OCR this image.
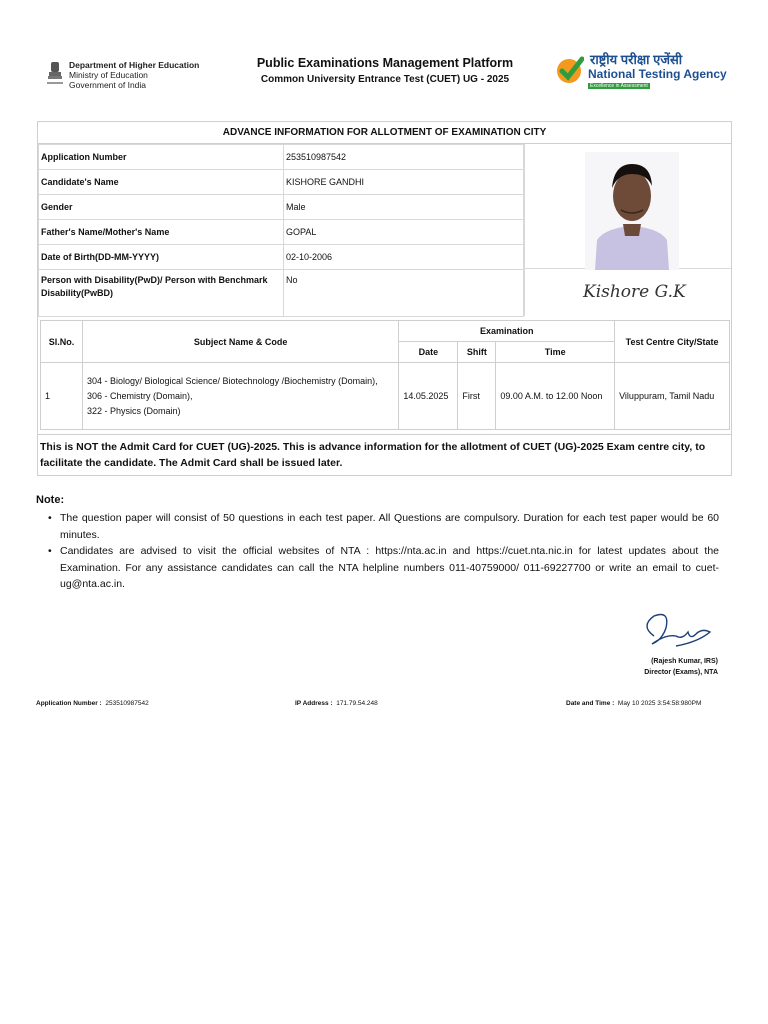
Department of Higher Education
Ministry of Education
Government of India
Public Examinations Management Platform
Common University Entrance Test (CUET) UG - 2025
राष्ट्रीय परीक्षा एजेंसी
National Testing Agency
Excellence in Assessment
ADVANCE INFORMATION FOR ALLOTMENT OF EXAMINATION CITY
Application Number	253510987542
Candidate's Name	KISHORE GANDHI
Gender	Male
Father's Name/Mother's Name	GOPAL
Date of Birth(DD-MM-YYYY)	02-10-2006
Person with Disability(PwD)/ Person with Benchmark Disability(PwBD)	No
Kishore G.K
Sl.No.	Subject Name & Code	Examination			Test Centre City/State
		Date	Shift	Time	
1	304 - Biology/ Biological Science/ Biotechnology /Biochemistry (Domain),
306 - Chemistry (Domain),
322 - Physics (Domain)	14.05.2025	First	09.00 A.M. to 12.00 Noon	Viluppuram, Tamil Nadu
This is NOT the Admit Card for CUET (UG)-2025. This is advance information for the allotment of CUET (UG)-2025 Exam centre city, to facilitate the candidate. The Admit Card shall be issued later.
Note:
• The question paper will consist of 50 questions in each test paper. All Questions are compulsory. Duration for each test paper would be 60 minutes.
• Candidates are advised to visit the official websites of NTA : https://nta.ac.in and https://cuet.nta.nic.in for latest updates about the Examination. For any assistance candidates can call the NTA helpline numbers 011-40759000/ 011-69227700 or write an email to cuet-ug@nta.ac.in.
(Rajesh Kumar, IRS)
Director (Exams), NTA
Application Number : 253510987542	IP Address : 171.79.54.248	Date and Time : May 10 2025 3:54:58:980PM
